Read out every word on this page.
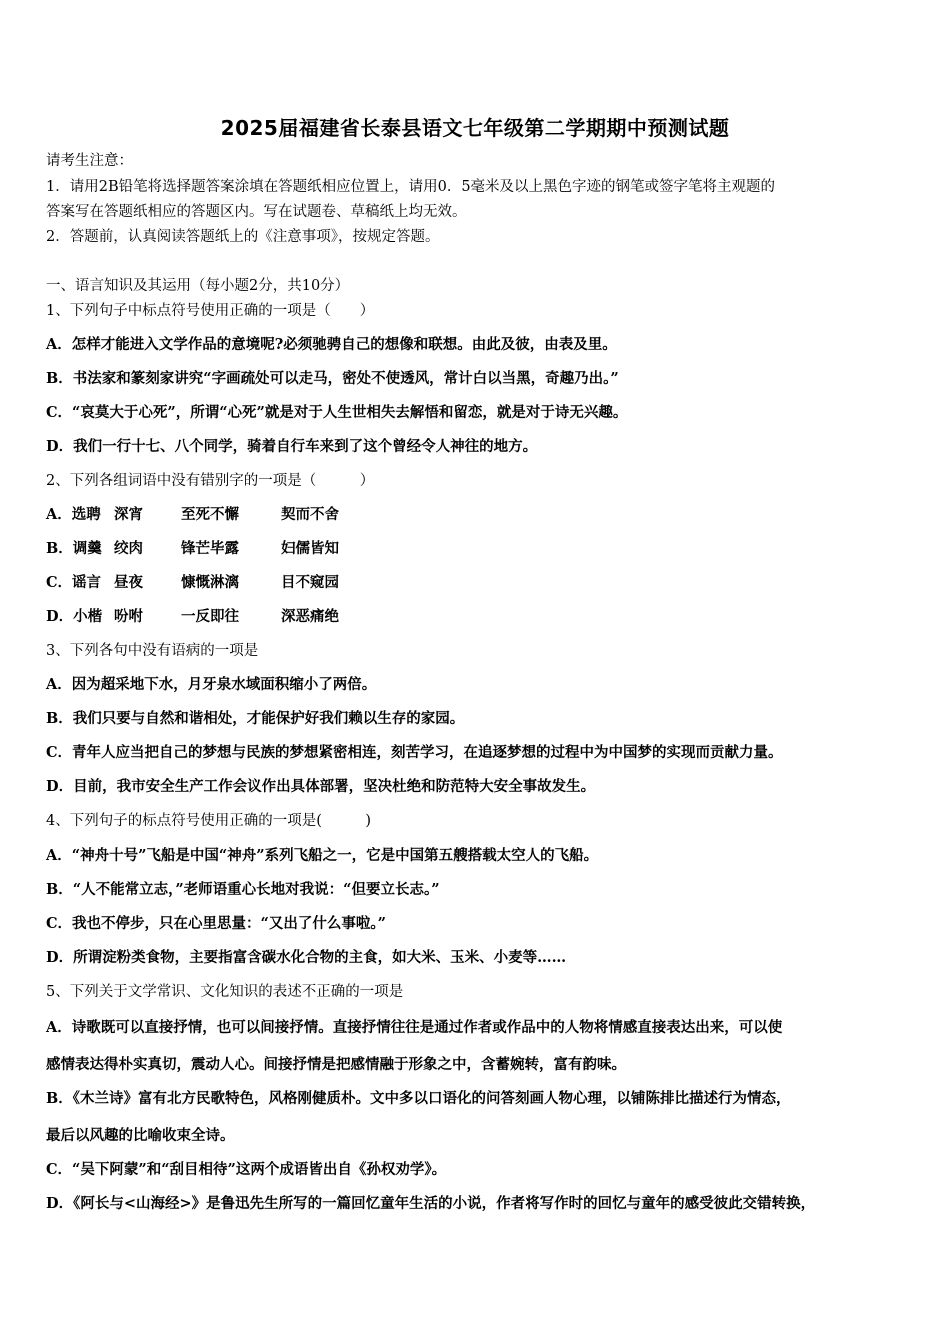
2025届福建省长泰县语文七年级第二学期期中预测试题
请考生注意：
1．请用2B铅笔将选择题答案涂填在答题纸相应位置上，请用0．5毫米及以上黑色字迹的钢笔或签字笔将主观题的
答案写在答题纸相应的答题区内。写在试题卷、草稿纸上均无效。
2．答题前，认真阅读答题纸上的《注意事项》，按规定答题。
一、语言知识及其运用（每小题2分，共10分）
1、下列句子中标点符号使用正确的一项是（　　）
A．怎样才能进入文学作品的意境呢?必须驰骋自己的想像和联想。由此及彼，由表及里。
B．书法家和篆刻家讲究“字画疏处可以走马，密处不使透风，常计白以当黑，奇趣乃出。”
C．“哀莫大于心死”，所谓“心死”就是对于人生世相失去解悟和留恋，就是对于诗无兴趣。
D．我们一行十七、八个同学，骑着自行车来到了这个曾经令人神往的地方。
2、下列各组词语中没有错别字的一项是（　　　）
A．选聘 深宵	至死不懈	契而不舍
B．调羹 绞肉	锋芒毕露	妇儒皆知
C．谣言 昼夜	慷慨淋漓	目不窥园
D．小楷 吩咐	一反即往	深恶痛绝
3、下列各句中没有语病的一项是
A．因为超采地下水，月牙泉水域面积缩小了两倍。
B．我们只要与自然和谐相处，才能保护好我们赖以生存的家园。
C．青年人应当把自己的梦想与民族的梦想紧密相连，刻苦学习，在追逐梦想的过程中为中国梦的实现而贡献力量。
D．目前，我市安全生产工作会议作出具体部署，坚决杜绝和防范特大安全事故发生。
4、下列句子的标点符号使用正确的一项是(　　　)
A．“神舟十号”飞船是中国“神舟”系列飞船之一，它是中国第五艘搭载太空人的飞船。
B．“人不能常立志，”老师语重心长地对我说：“但要立长志。”
C．我也不停步，只在心里思量：“又出了什么事啦。”
D．所谓淀粉类食物，主要指富含碳水化合物的主食，如大米、玉米、小麦等……
5、下列关于文学常识、文化知识的表述不正确的一项是
A．诗歌既可以直接抒情，也可以间接抒情。直接抒情往往是通过作者或作品中的人物将情感直接表达出来，可以使
感情表达得朴实真切，震动人心。间接抒情是把感情融于形象之中，含蓄婉转，富有韵味。
B．《木兰诗》富有北方民歌特色，风格刚健质朴。文中多以口语化的问答刻画人物心理，以铺陈排比描述行为情态，
最后以风趣的比喻收束全诗。
C．“吴下阿蒙”和“刮目相待”这两个成语皆出自《孙权劝学》。
D．《阿长与<山海经>》是鲁迅先生所写的一篇回忆童年生活的小说，作者将写作时的回忆与童年的感受彼此交错转换，
